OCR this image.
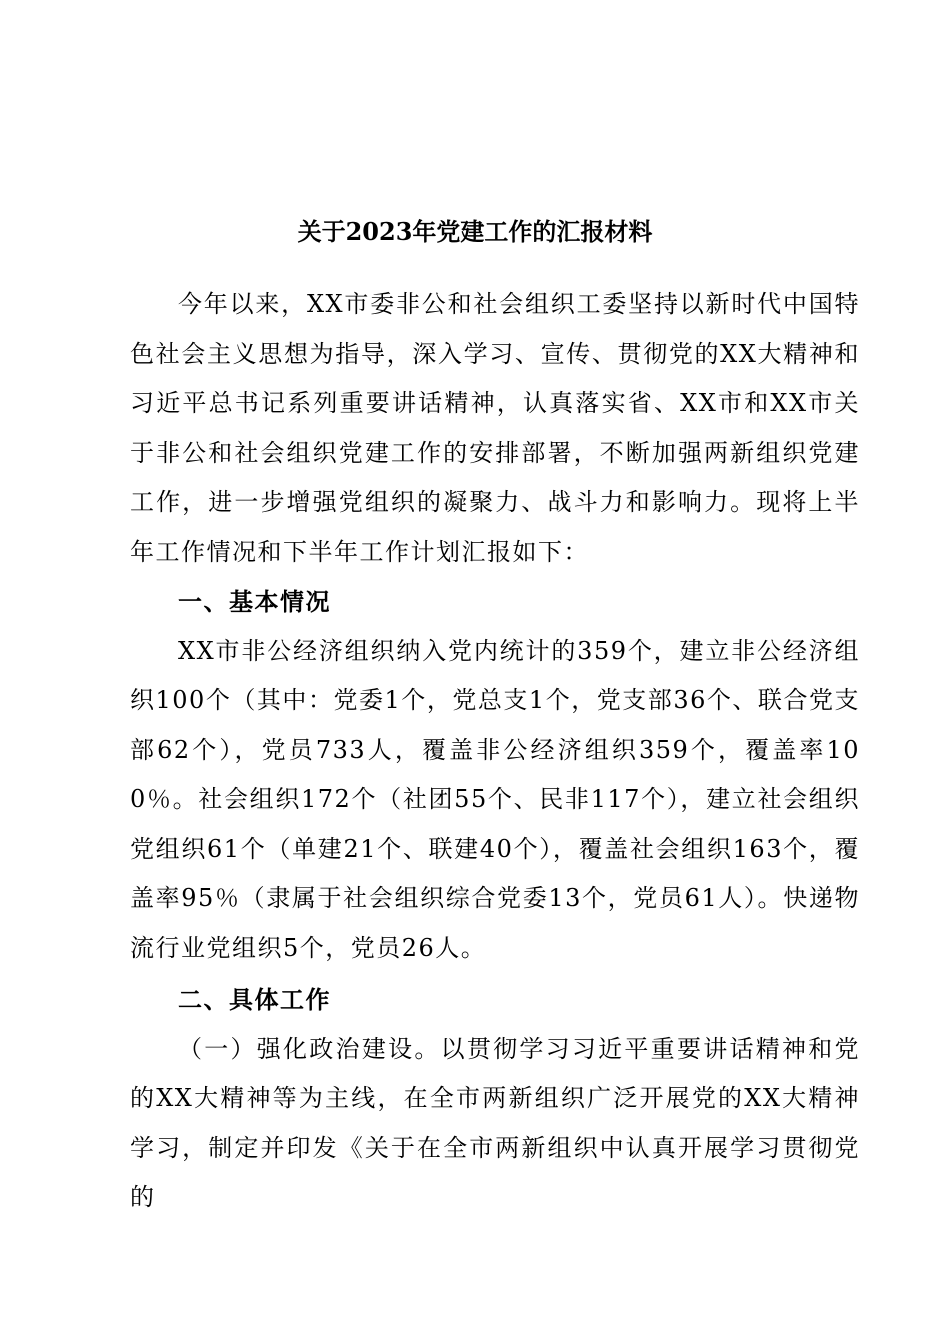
关于2023年党建工作的汇报材料

今年以来，XX市委非公和社会组织工委坚持以新时代中国特色社会主义思想为指导，深入学习、宣传、贯彻党的XX大精神和习近平总书记系列重要讲话精神，认真落实省、XX市和XX市关于非公和社会组织党建工作的安排部署，不断加强两新组织党建工作，进一步增强党组织的凝聚力、战斗力和影响力。现将上半年工作情况和下半年工作计划汇报如下：

一、基本情况

XX市非公经济组织纳入党内统计的359个，建立非公经济组织100个（其中：党委1个，党总支1个，党支部36个、联合党支部62个），党员733人，覆盖非公经济组织359个，覆盖率100％。社会组织172个（社团55个、民非117个），建立社会组织党组织61个（单建21个、联建40个），覆盖社会组织163个，覆盖率95％（隶属于社会组织综合党委13个，党员61人）。快递物流行业党组织5个，党员26人。

二、具体工作

（一）强化政治建设。以贯彻学习习近平重要讲话精神和党的XX大精神等为主线，在全市两新组织广泛开展党的XX大精神学习，制定并印发《关于在全市两新组织中认真开展学习贯彻党的
